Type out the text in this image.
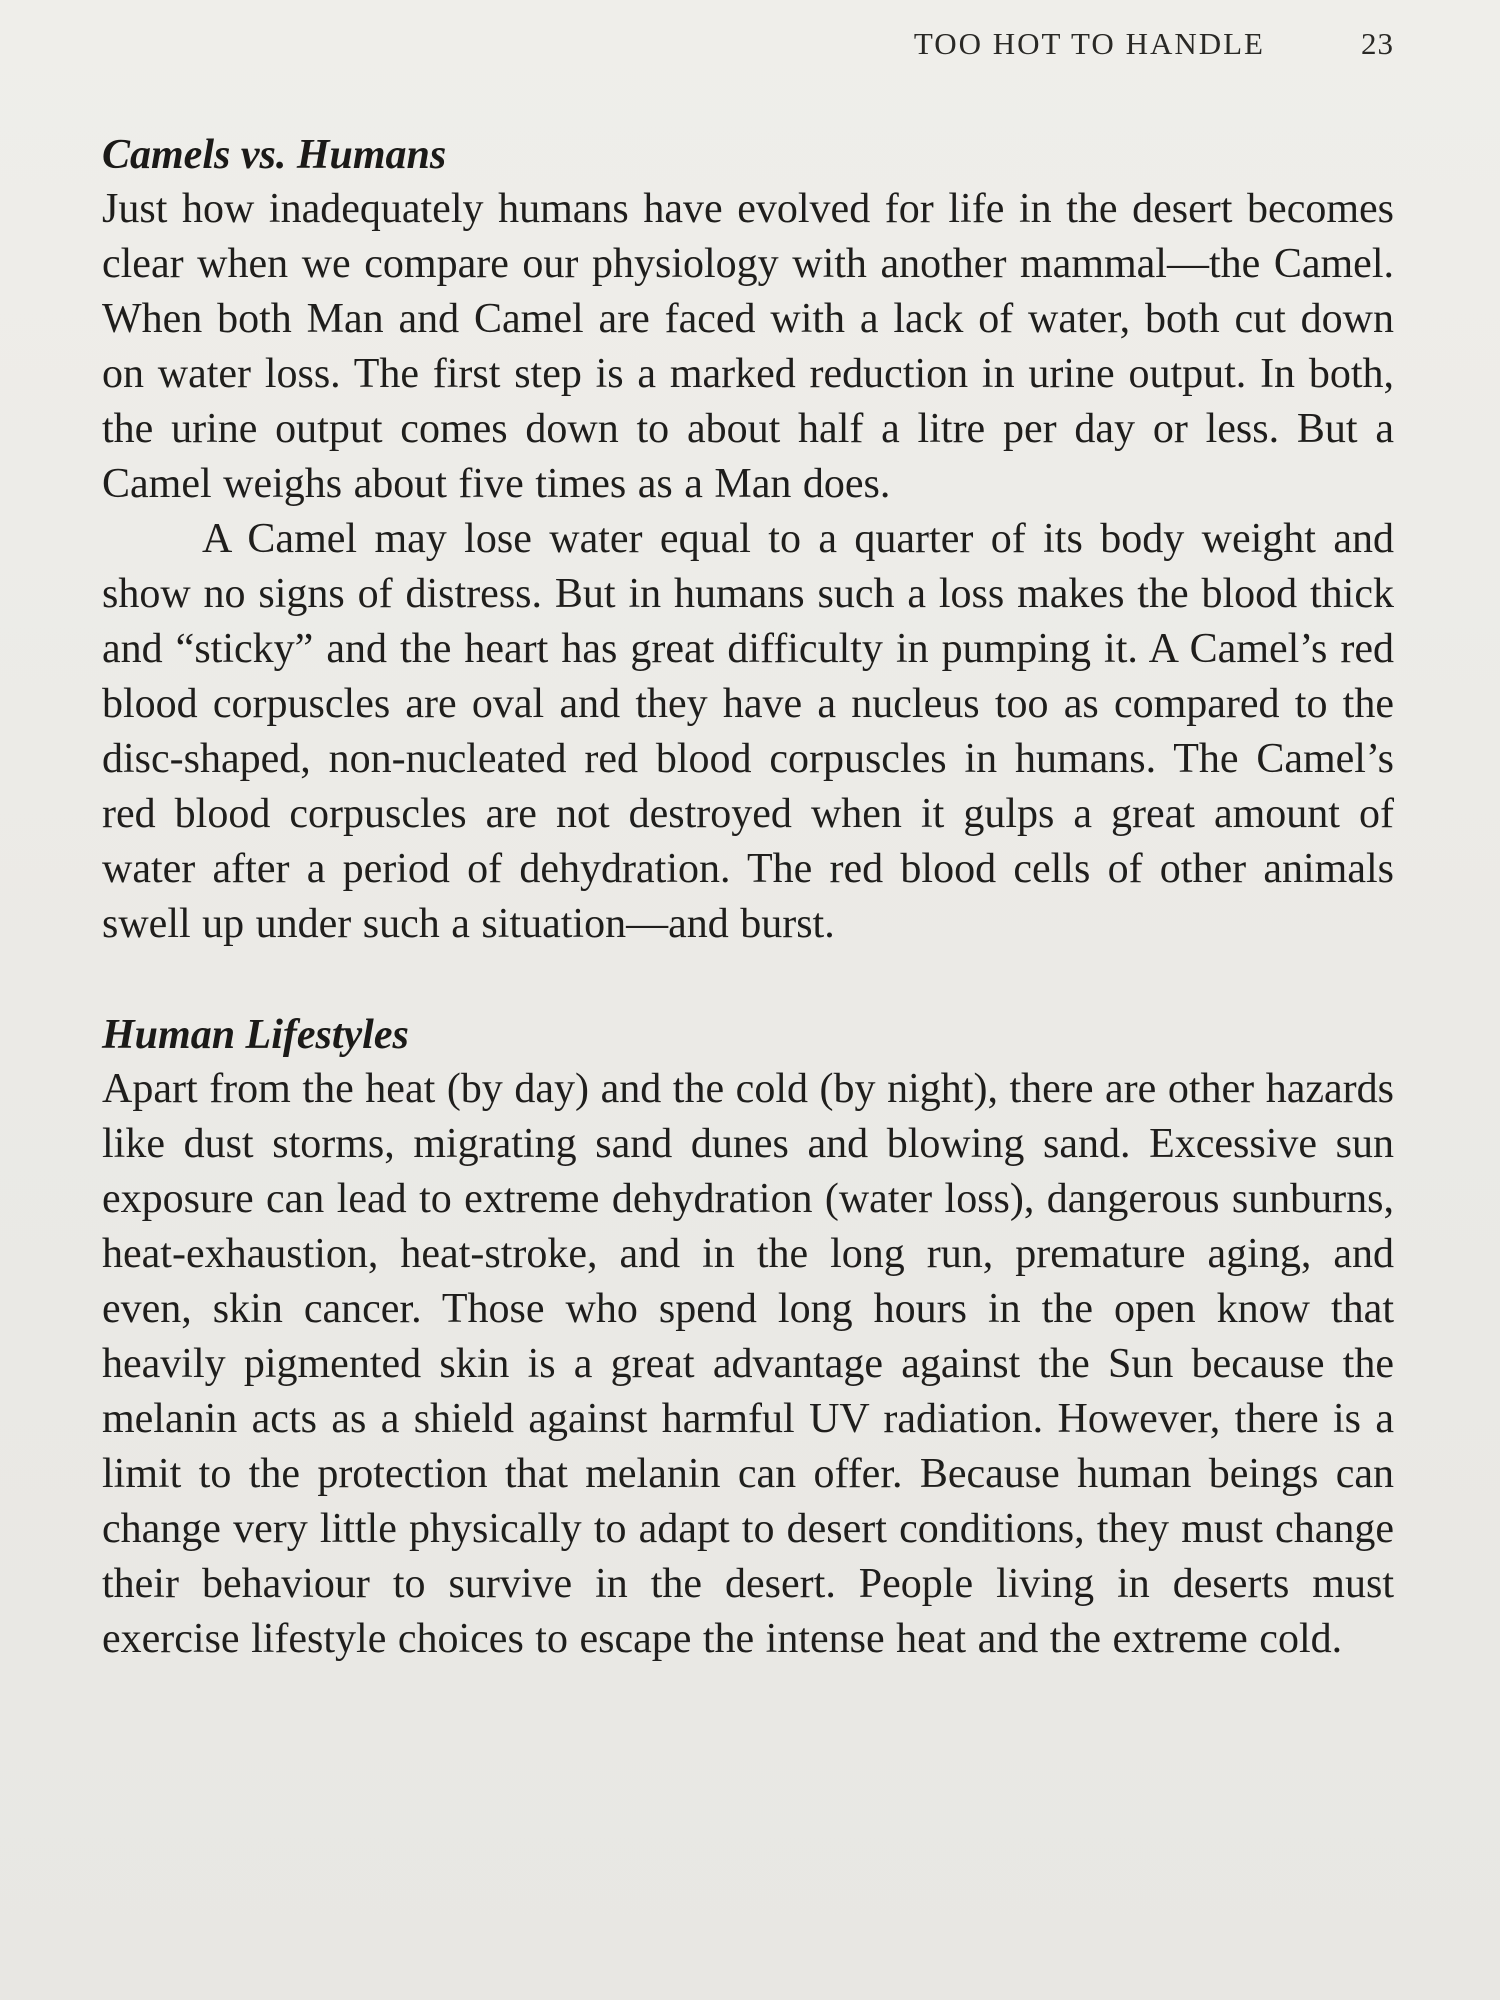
TOO HOT TO HANDLE	23
Camels vs. Humans

Just how inadequately humans have evolved for life in the desert becomes clear when we compare our physiology with another mammal—the Camel. When both Man and Camel are faced with a lack of water, both cut down on water loss. The first step is a marked reduction in urine output. In both, the urine output comes down to about half a litre per day or less. But a Camel weighs about five times as a Man does.

A Camel may lose water equal to a quarter of its body weight and show no signs of distress. But in humans such a loss makes the blood thick and “sticky” and the heart has great difficulty in pumping it. A Camel’s red blood corpuscles are oval and they have a nucleus too as compared to the disc-shaped, non-nucleated red blood corpuscles in humans. The Camel’s red blood corpuscles are not destroyed when it gulps a great amount of water after a period of dehydration. The red blood cells of other animals swell up under such a situation—and burst.

Human Lifestyles

Apart from the heat (by day) and the cold (by night), there are other hazards like dust storms, migrating sand dunes and blowing sand. Excessive sun exposure can lead to extreme dehydration (water loss), dangerous sunburns, heat-exhaustion, heat-stroke, and in the long run, premature aging, and even, skin cancer. Those who spend long hours in the open know that heavily pigmented skin is a great advantage against the Sun because the melanin acts as a shield against harmful UV radiation. However, there is a limit to the protection that melanin can offer. Because human beings can change very little physically to adapt to desert conditions, they must change their behaviour to survive in the desert. People living in deserts must exercise lifestyle choices to escape the intense heat and the extreme cold.
